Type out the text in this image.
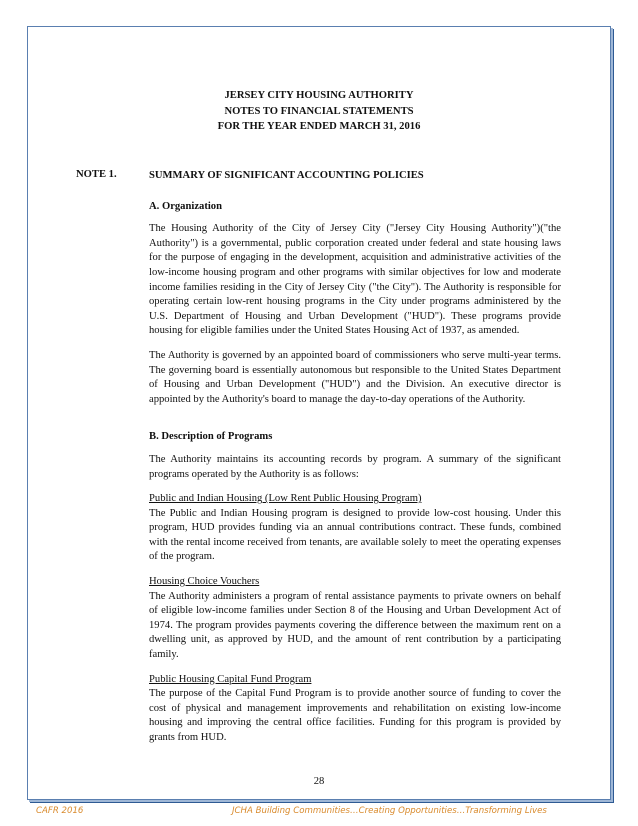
JERSEY CITY HOUSING AUTHORITY
NOTES TO FINANCIAL STATEMENTS
FOR THE YEAR ENDED MARCH 31, 2016
NOTE 1.	SUMMARY OF SIGNIFICANT ACCOUNTING POLICIES
A. Organization

The Housing Authority of the City of Jersey City ("Jersey City Housing Authority")("the Authority") is a governmental, public corporation created under federal and state housing laws for the purpose of engaging in the development, acquisition and administrative activities of the low-income housing program and other programs with similar objectives for low and moderate income families residing in the City of Jersey City ("the City"). The Authority is responsible for operating certain low-rent housing programs in the City under programs administered by the U.S. Department of Housing and Urban Development ("HUD"). These programs provide housing for eligible families under the United States Housing Act of 1937, as amended.

The Authority is governed by an appointed board of commissioners who serve multi-year terms. The governing board is essentially autonomous but responsible to the United States Department of Housing and Urban Development ("HUD") and the Division. An executive director is appointed by the Authority's board to manage the day-to-day operations of the Authority.

B. Description of Programs

The Authority maintains its accounting records by program. A summary of the significant programs operated by the Authority is as follows:

Public and Indian Housing (Low Rent Public Housing Program)
The Public and Indian Housing program is designed to provide low-cost housing. Under this program, HUD provides funding via an annual contributions contract. These funds, combined with the rental income received from tenants, are available solely to meet the operating expenses of the program.
Housing Choice Vouchers
The Authority administers a program of rental assistance payments to private owners on behalf of eligible low-income families under Section 8 of the Housing and Urban Development Act of 1974. The program provides payments covering the difference between the maximum rent on a dwelling unit, as approved by HUD, and the amount of rent contribution by a participating family.
Public Housing Capital Fund Program
The purpose of the Capital Fund Program is to provide another source of funding to cover the cost of physical and management improvements and rehabilitation on existing low-income housing and improving the central office facilities. Funding for this program is provided by grants from HUD.
28
CAFR 2016	JCHA Building Communities…Creating Opportunities…Transforming Lives
